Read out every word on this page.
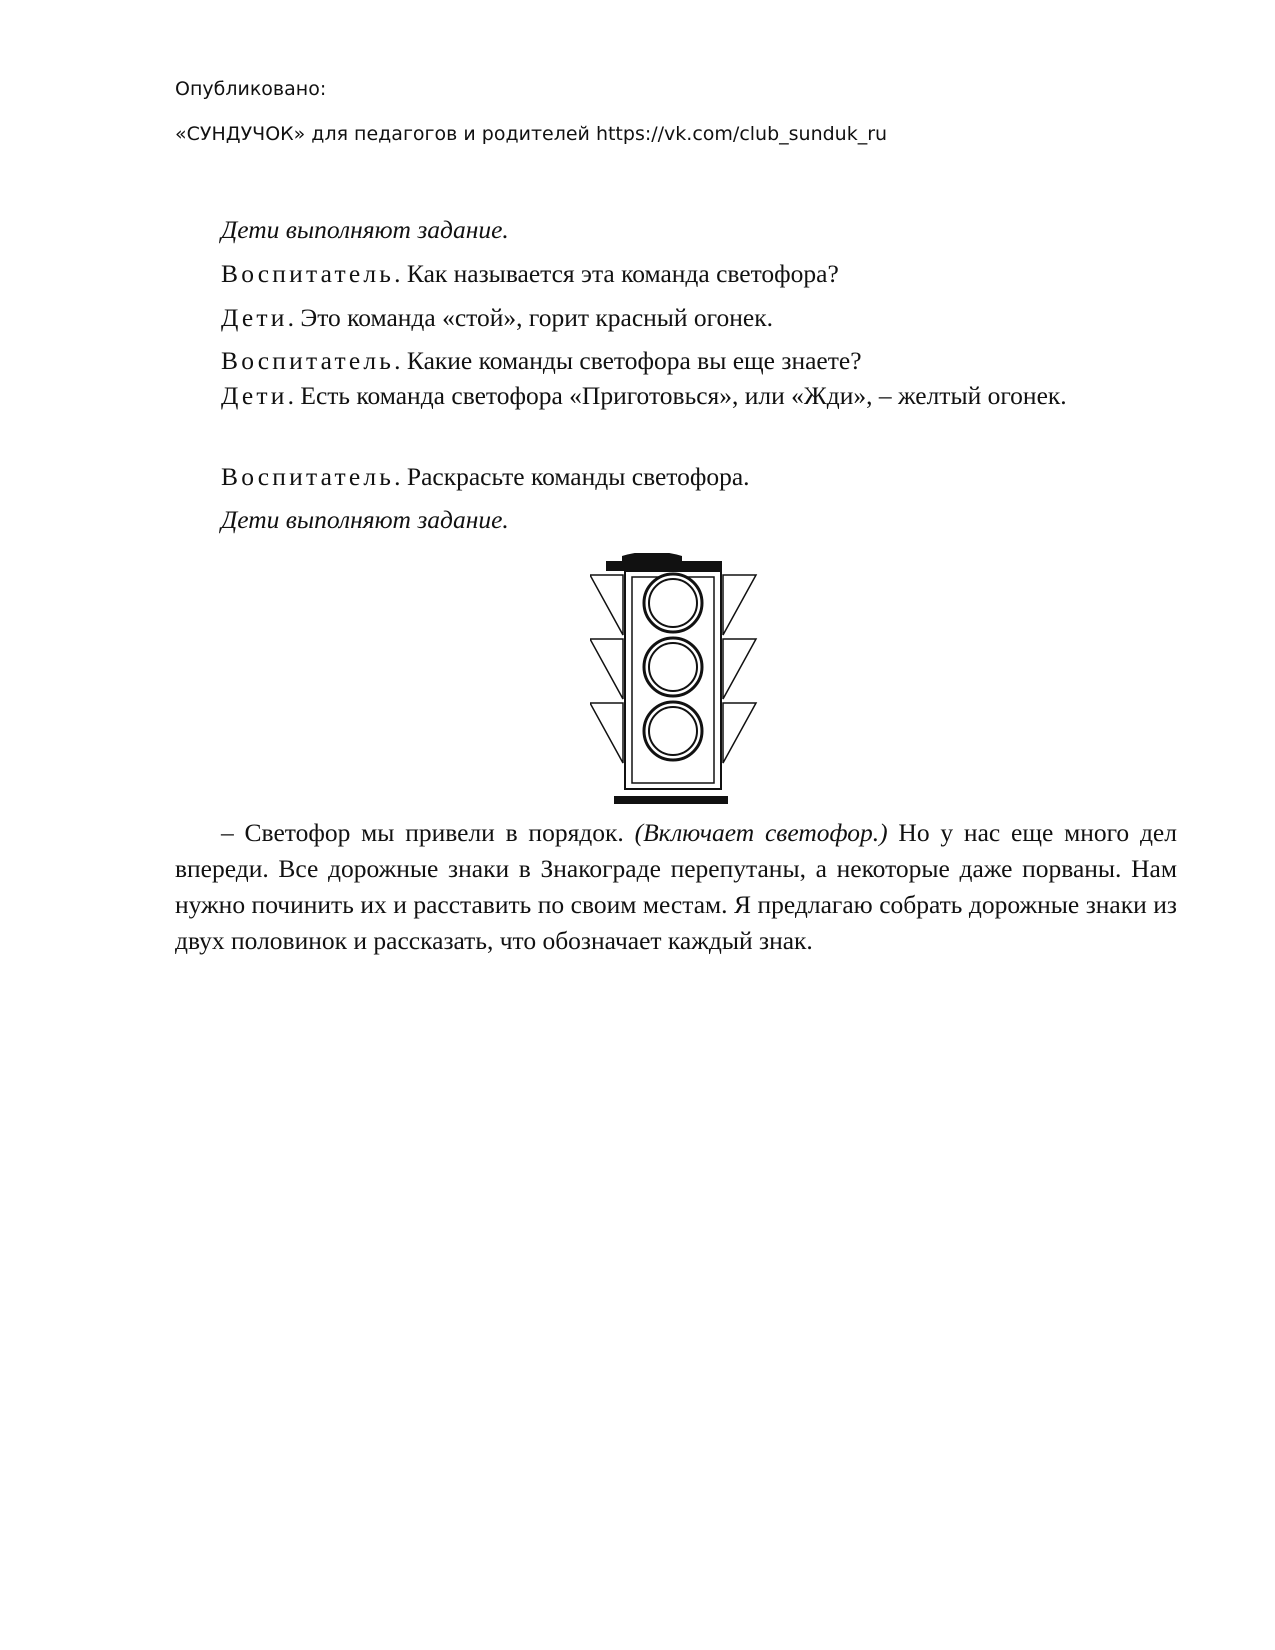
Опубликовано:
«СУНДУЧОК» для педагогов и родителей https://vk.com/club_sunduk_ru

Дети выполняют задание.

Воспитатель. Как называется эта команда светофора?

Дети. Это команда «стой», горит красный огонек.

Воспитатель. Какие команды светофора вы еще знаете?

Дети. Есть команда светофора «Приготовься», или «Жди», – желтый огонек.

Воспитатель. Раскрасьте команды светофора.

Дети выполняют задание.

– Светофор мы привели в порядок. (Включает светофор.) Но у нас еще много дел впереди. Все дорожные знаки в Знакограде перепутаны, а некоторые даже порваны. Нам нужно починить их и расставить по своим местам. Я предлагаю собрать дорожные знаки из двух половинок и рассказать, что обозначает каждый знак.
